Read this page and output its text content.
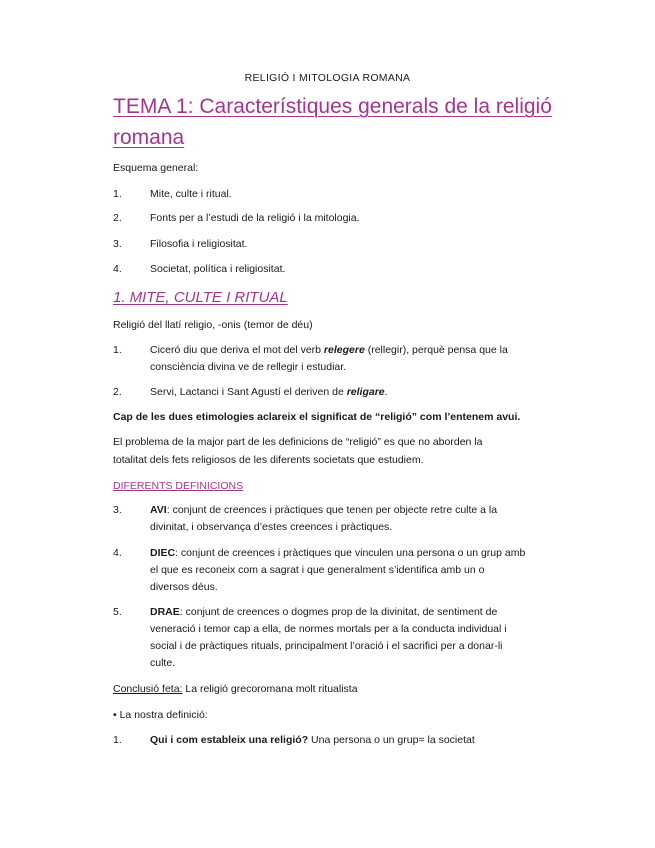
RELIGIÓ I MITOLOGIA ROMANA
TEMA 1: Característiques generals de la religió
romana
Esquema general:
1.	Mite, culte i ritual.
2.	Fonts per a l’estudi de la religió i la mitologia.
3.	Filosofia i religiositat.
4.	Societat, política i religiositat.
1. MITE, CULTE I RITUAL
Religió del llatí religio, -onis (temor de déu)
1.	Ciceró diu que deriva el mot del verb relegere (rellegir), perquè pensa que la
consciència divina ve de rellegir i estudiar.
2.	Servi, Lactanci i Sant Agustí el deriven de religare.
Cap de les dues etimologies aclareix el significat de “religió” com l’entenem avui.
El problema de la major part de les definicions de “religió” es que no aborden la
totalitat dels fets religiosos de les diferents societats que estudiem.
DIFERENTS DEFINICIONS
3.	AVI: conjunt de creences i pràctiques que tenen per objecte retre culte a la
divinitat, i observança d’estes creences i pràctiques.
4.	DIEC: conjunt de creences i pràctiques que vinculen una persona o un grup amb
el que es reconeix com a sagrat i que generalment s’identifica amb un o
diversos déus.
5.	DRAE: conjunt de creences o dogmes prop de la divinitat, de sentiment de
veneració i temor cap a ella, de normes mortals per a la conducta individual i
social i de pràctiques rituals, principalment l’oració i el sacrifici per a donar-li
culte.
Conclusió feta: La religió grecoromana molt ritualista
• La nostra definició:
1.	Qui i com estableix una religió? Una persona o un grup= la societat
